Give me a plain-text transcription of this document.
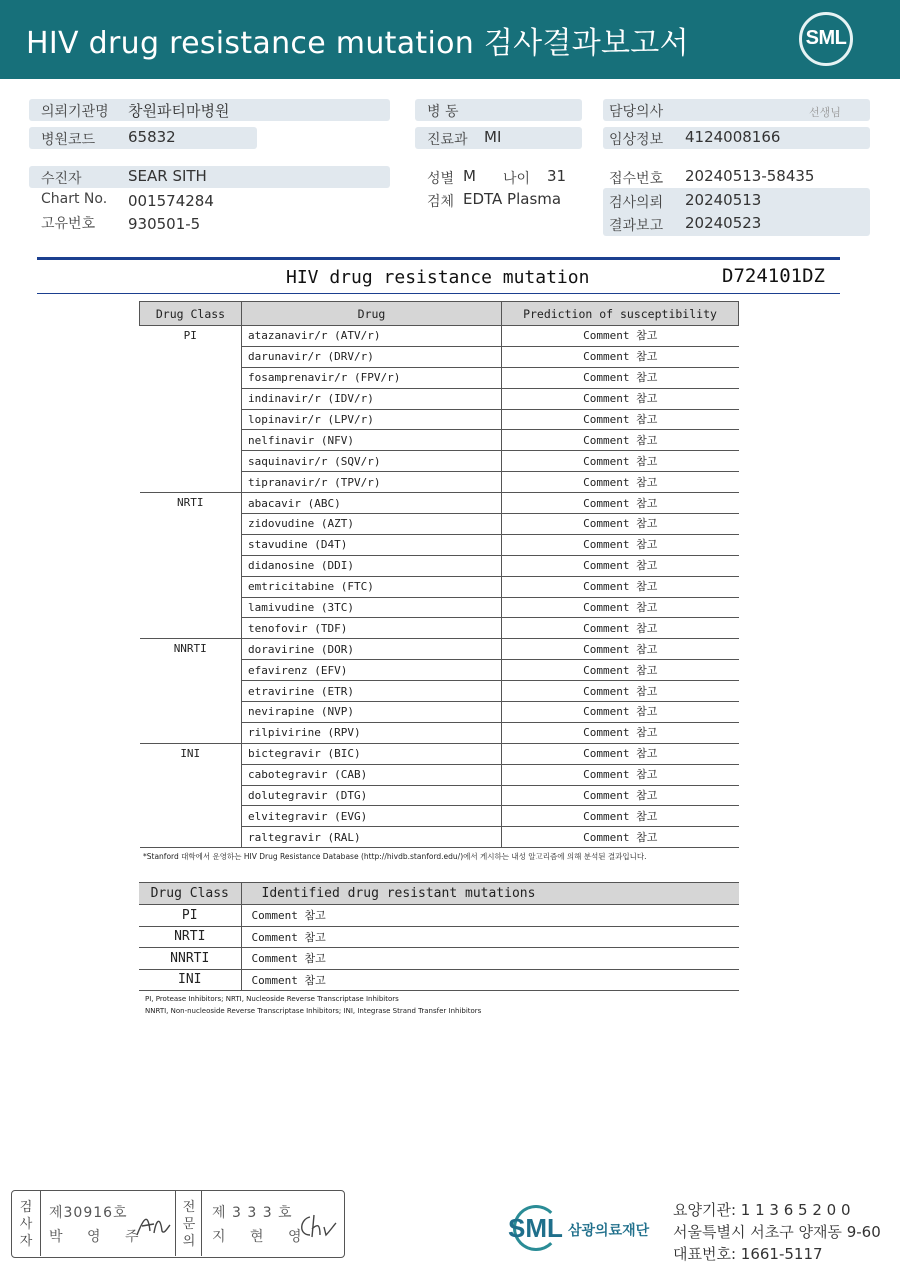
HIV drug resistance mutation 검사결과보고서	SML
의뢰기관명 창원파티마병원
병원코드 65832
수진자	SEAR SITH
Chart No. 001574284
고유번호 930501-5
병 동
진료과 MI
성별 M 나이 31
검체 EDTA Plasma
담당의사	선생님
임상정보 4124008166
접수번호 20240513-58435
검사의뢰 20240513
결과보고 20240523
HIV drug resistance mutation	D724101DZ
Drug Class	Drug	Prediction of susceptibility
PI	atazanavir/r (ATV/r)	Comment 참고
	darunavir/r (DRV/r)	Comment 참고
	fosamprenavir/r (FPV/r)	Comment 참고
	indinavir/r (IDV/r)	Comment 참고
	lopinavir/r (LPV/r)	Comment 참고
	nelfinavir (NFV)	Comment 참고
	saquinavir/r (SQV/r)	Comment 참고
	tipranavir/r (TPV/r)	Comment 참고
NRTI	abacavir (ABC)	Comment 참고
	zidovudine (AZT)	Comment 참고
	stavudine (D4T)	Comment 참고
	didanosine (DDI)	Comment 참고
	emtricitabine (FTC)	Comment 참고
	lamivudine (3TC)	Comment 참고
	tenofovir (TDF)	Comment 참고
NNRTI	doravirine (DOR)	Comment 참고
	efavirenz (EFV)	Comment 참고
	etravirine (ETR)	Comment 참고
	nevirapine (NVP)	Comment 참고
	rilpivirine (RPV)	Comment 참고
INI	bictegravir (BIC)	Comment 참고
	cabotegravir (CAB)	Comment 참고
	dolutegravir (DTG)	Comment 참고
	elvitegravir (EVG)	Comment 참고
	raltegravir (RAL)	Comment 참고
*Stanford 대학에서 운영하는 HIV Drug Resistance Database (http://hivdb.stanford.edu/)에서 게시하는 내성 알고리즘에 의해 분석된 결과입니다.
Drug Class	Identified drug resistant mutations
PI	Comment 참고
NRTI	Comment 참고
NNRTI	Comment 참고
INI	Comment 참고
PI, Protease Inhibitors; NRTI, Nucleoside Reverse Transcriptase Inhibitors
NNRTI, Non-nucleoside Reverse Transcriptase Inhibitors; INI, Integrase Strand Transfer Inhibitors
검
사
자
제30916호
박 영 주
전
문
의
제 3 3 3 호
지 현 영	SML 삼광의료재단
요양기관: 1 1 3 6 5 2 0 0
서울특별시 서초구 양재동 9-60
대표번호: 1661-5117
